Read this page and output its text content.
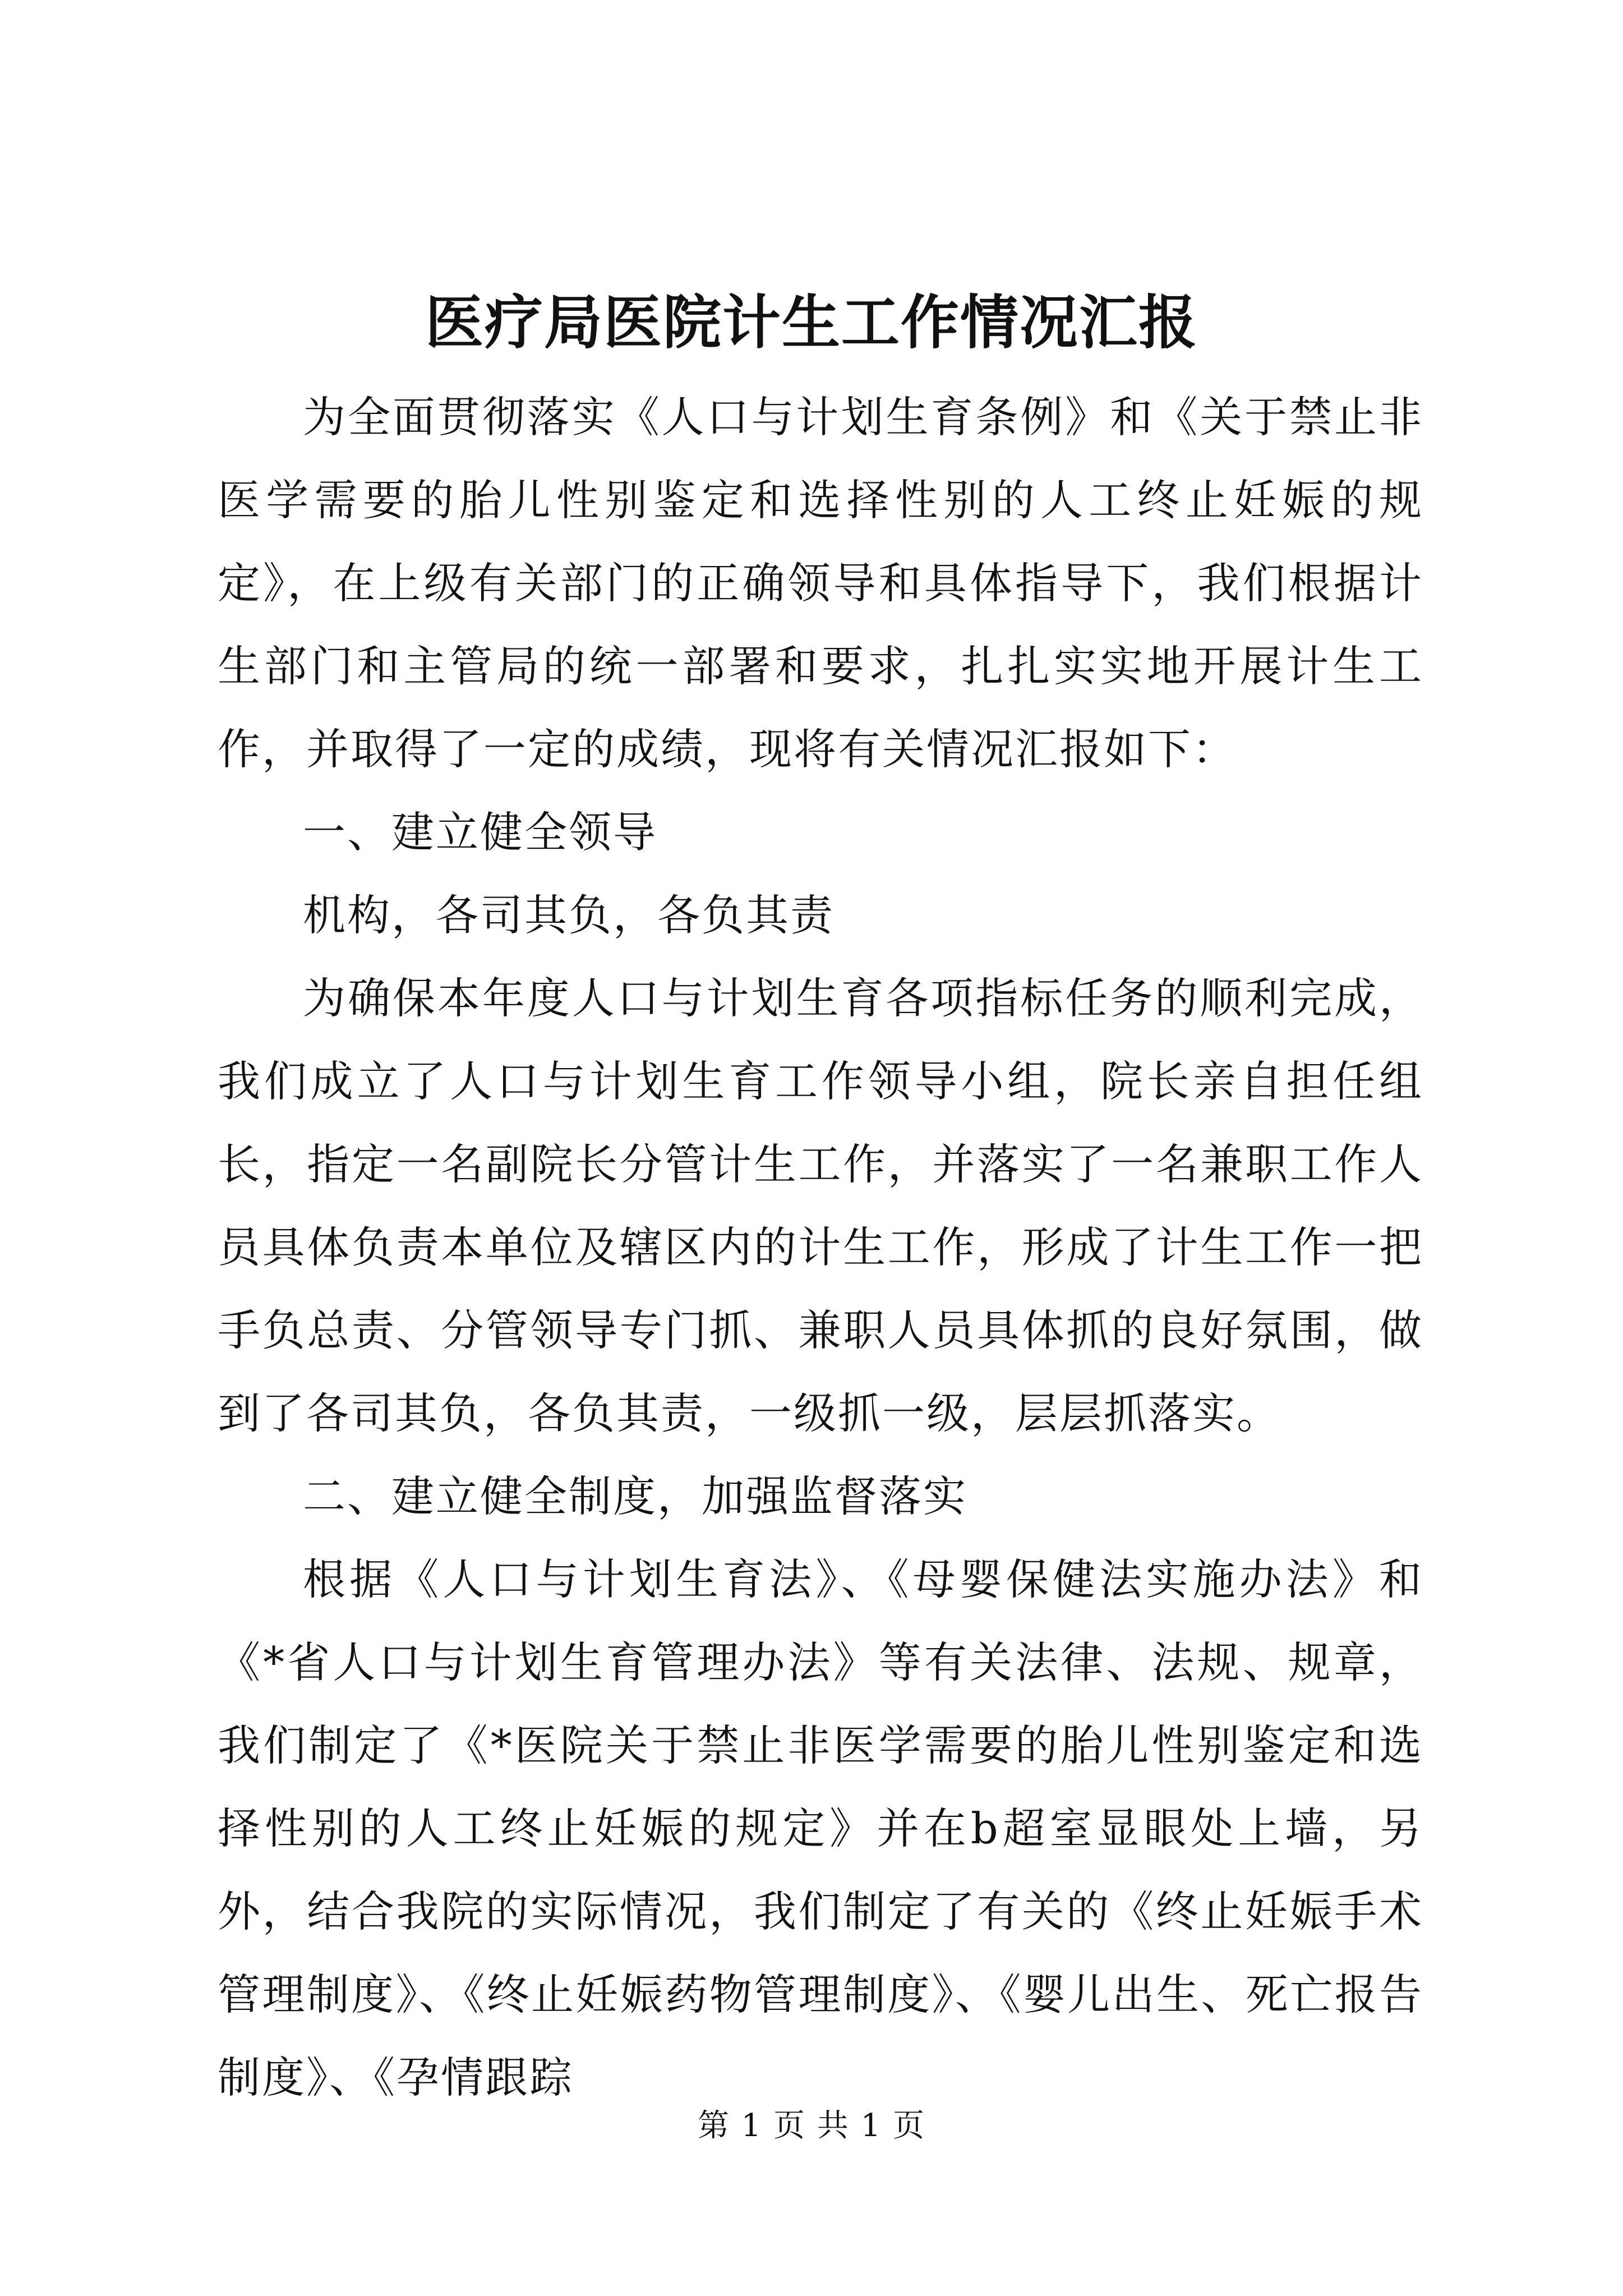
医疗局医院计生工作情况汇报

为全面贯彻落实《人口与计划生育条例》和《关于禁止非医学需要的胎儿性别鉴定和选择性别的人工终止妊娠的规定》，在上级有关部门的正确领导和具体指导下，我们根据计生部门和主管局的统一部署和要求，扎扎实实地开展计生工作，并取得了一定的成绩，现将有关情况汇报如下：

一、建立健全领导

机构，各司其负，各负其责

为确保本年度人口与计划生育各项指标任务的顺利完成，我们成立了人口与计划生育工作领导小组，院长亲自担任组长，指定一名副院长分管计生工作，并落实了一名兼职工作人员具体负责本单位及辖区内的计生工作，形成了计生工作一把手负总责、分管领导专门抓、兼职人员具体抓的良好氛围，做到了各司其负，各负其责，一级抓一级，层层抓落实。

二、建立健全制度，加强监督落实

根据《人口与计划生育法》、《母婴保健法实施办法》和《*省人口与计划生育管理办法》等有关法律、法规、规章，我们制定了《*医院关于禁止非医学需要的胎儿性别鉴定和选择性别的人工终止妊娠的规定》并在b超室显眼处上墙，另外，结合我院的实际情况，我们制定了有关的《终止妊娠手术管理制度》、《终止妊娠药物管理制度》、《婴儿出生、死亡报告制度》、《孕情跟踪

第 1 页 共 1 页
